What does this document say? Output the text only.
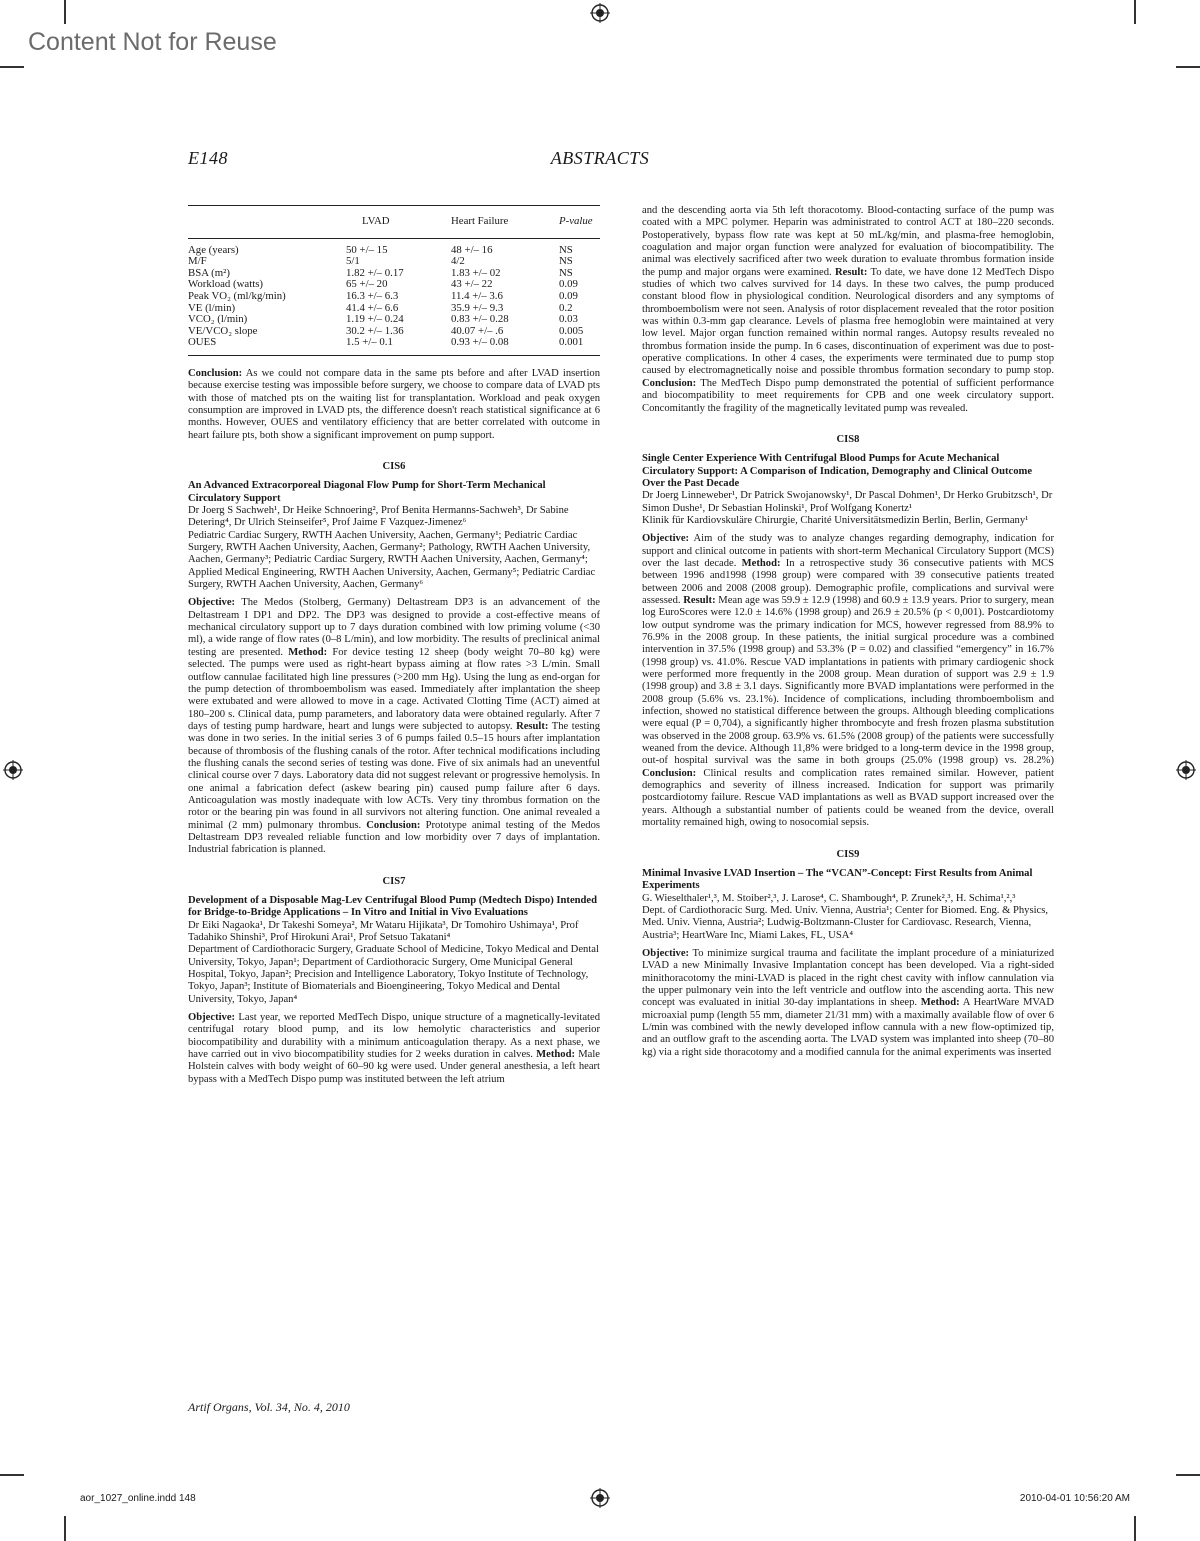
Content Not for Reuse
E148	ABSTRACTS
	LVAD	Heart Failure	P-value
Age (years)	50 +/– 15	48 +/– 16	NS
M/F	5/1	4/2	NS
BSA (m²)	1.82 +/– 0.17	1.83 +/– 02	NS
Workload (watts)	65 +/– 20	43 +/– 22	0.09
Peak VO₂ (ml/kg/min)	16.3 +/– 6.3	11.4 +/– 3.6	0.09
VE (l/min)	41.4 +/– 6.6	35.9 +/– 9.3	0.2
VCO₂ (l/min)	1.19 +/– 0.24	0.83 +/– 0.28	0.03
VE/VCO₂ slope	30.2 +/– 1.36	40.07 +/– .6	0.005
OUES	1.5 +/– 0.1	0.93 +/– 0.08	0.001

Conclusion: As we could not compare data in the same pts before and after LVAD insertion because exercise testing was impossible before surgery, we choose to compare data of LVAD pts with those of matched pts on the waiting list for transplantation. Workload and peak oxygen consumption are improved in LVAD pts, the difference doesn't reach statistical significance at 6 months. However, OUES and ventilatory efficiency that are better correlated with outcome in heart failure pts, both show a significant improvement on pump support.

CIS6
An Advanced Extracorporeal Diagonal Flow Pump for Short-Term Mechanical Circulatory Support
Dr Joerg S Sachweh¹, Dr Heike Schnoering², Prof Benita Hermanns-Sachweh³, Dr Sabine Detering⁴, Dr Ulrich Steinseifer⁵, Prof Jaime F Vazquez-Jimenez⁶
Pediatric Cardiac Surgery, RWTH Aachen University, Aachen, Germany¹; Pediatric Cardiac Surgery, RWTH Aachen University, Aachen, Germany²; Pathology, RWTH Aachen University, Aachen, Germany³; Pediatric Cardiac Surgery, RWTH Aachen University, Aachen, Germany⁴; Applied Medical Engineering, RWTH Aachen University, Aachen, Germany⁵; Pediatric Cardiac Surgery, RWTH Aachen University, Aachen, Germany⁶

Objective: The Medos (Stolberg, Germany) Deltastream DP3 is an advancement of the Deltastream I DP1 and DP2. The DP3 was designed to provide a cost-effective means of mechanical circulatory support up to 7 days duration combined with low priming volume (<30 ml), a wide range of flow rates (0–8 L/min), and low morbidity. The results of preclinical animal testing are presented. Method: For device testing 12 sheep (body weight 70–80 kg) were selected. The pumps were used as right-heart bypass aiming at flow rates >3 L/min. Small outflow cannulae facilitated high line pressures (>200 mm Hg). Using the lung as end-organ for the pump detection of thromboembolism was eased. Immediately after implantation the sheep were extubated and were allowed to move in a cage. Activated Clotting Time (ACT) aimed at 180–200 s. Clinical data, pump parameters, and laboratory data were obtained regularly. After 7 days of testing pump hardware, heart and lungs were subjected to autopsy. Result: The testing was done in two series. In the initial series 3 of 6 pumps failed 0.5–15 hours after implantation because of thrombosis of the flushing canals of the rotor. After technical modifications including the flushing canals the second series of testing was done. Five of six animals had an uneventful clinical course over 7 days. Laboratory data did not suggest relevant or progressive hemolysis. In one animal a fabrication defect (askew bearing pin) caused pump failure after 6 days. Anticoagulation was mostly inadequate with low ACTs. Very tiny thrombus formation on the rotor or the bearing pin was found in all survivors not altering function. One animal revealed a minimal (2 mm) pulmonary thrombus. Conclusion: Prototype animal testing of the Medos Deltastream DP3 revealed reliable function and low morbidity over 7 days of implantation. Industrial fabrication is planned.

CIS7
Development of a Disposable Mag-Lev Centrifugal Blood Pump (Medtech Dispo) Intended for Bridge-to-Bridge Applications – In Vitro and Initial in Vivo Evaluations
Dr Eiki Nagaoka¹, Dr Takeshi Someya², Mr Wataru Hijikata³, Dr Tomohiro Ushimaya¹, Prof Tadahiko Shinshi³, Prof Hirokuni Arai¹, Prof Setsuo Takatani⁴
Department of Cardiothoracic Surgery, Graduate School of Medicine, Tokyo Medical and Dental University, Tokyo, Japan¹; Department of Cardiothoracic Surgery, Ome Municipal General Hospital, Tokyo, Japan²; Precision and Intelligence Laboratory, Tokyo Institute of Technology, Tokyo, Japan³; Institute of Biomaterials and Bioengineering, Tokyo Medical and Dental University, Tokyo, Japan⁴

Objective: Last year, we reported MedTech Dispo, unique structure of a magnetically-levitated centrifugal rotary blood pump, and its low hemolytic characteristics and superior biocompatibility and durability with a minimum anticoagulation therapy. As a next phase, we have carried out in vivo biocompatibility studies for 2 weeks duration in calves. Method: Male Holstein calves with body weight of 60–90 kg were used. Under general anesthesia, a left heart bypass with a MedTech Dispo pump was instituted between the left atrium

and the descending aorta via 5th left thoracotomy. Blood-contacting surface of the pump was coated with a MPC polymer. Heparin was administrated to control ACT at 180–220 seconds. Postoperatively, bypass flow rate was kept at 50 mL/kg/min, and plasma-free hemoglobin, coagulation and major organ function were analyzed for evaluation of biocompatibility. The animal was electively sacrificed after two week duration to evaluate thrombus formation inside the pump and major organs were examined. Result: To date, we have done 12 MedTech Dispo studies of which two calves survived for 14 days. In these two calves, the pump produced constant blood flow in physiological condition. Neurological disorders and any symptoms of thromboembolism were not seen. Analysis of rotor displacement revealed that the rotor position was within 0.3-mm gap clearance. Levels of plasma free hemoglobin were maintained at very low level. Major organ function remained within normal ranges. Autopsy results revealed no thrombus formation inside the pump. In 6 cases, discontinuation of experiment was due to post-operative complications. In other 4 cases, the experiments were terminated due to pump stop caused by electromagnetically noise and possible thrombus formation secondary to pump stop. Conclusion: The MedTech Dispo pump demonstrated the potential of sufficient performance and biocompatibility to meet requirements for CPB and one week circulatory support. Concomitantly the fragility of the magnetically levitated pump was revealed.

CIS8
Single Center Experience With Centrifugal Blood Pumps for Acute Mechanical Circulatory Support: A Comparison of Indication, Demography and Clinical Outcome Over the Past Decade
Dr Joerg Linneweber¹, Dr Patrick Swojanowsky¹, Dr Pascal Dohmen¹, Dr Herko Grubitzsch¹, Dr Simon Dushe¹, Dr Sebastian Holinski¹, Prof Wolfgang Konertz¹
Klinik für Kardiovskuläre Chirurgie, Charité Universitätsmedizin Berlin, Berlin, Germany¹

Objective: Aim of the study was to analyze changes regarding demography, indication for support and clinical outcome in patients with short-term Mechanical Circulatory Support (MCS) over the last decade. Method: In a retrospective study 36 consecutive patients with MCS between 1996 and1998 (1998 group) were compared with 39 consecutive patients treated between 2006 and 2008 (2008 group). Demographic profile, complications and survival were assessed. Result: Mean age was 59.9 ± 12.9 (1998) and 60.9 ± 13.9 years. Prior to surgery, mean log EuroScores were 12.0 ± 14.6% (1998 group) and 26.9 ± 20.5% (p < 0,001). Postcardiotomy low output syndrome was the primary indication for MCS, however regressed from 88.9% to 76.9% in the 2008 group. In these patients, the initial surgical procedure was a combined intervention in 37.5% (1998 group) and 53.3% (P = 0.02) and classified “emergency” in 16.7% (1998 group) vs. 41.0%. Rescue VAD implantations in patients with primary cardiogenic shock were performed more frequently in the 2008 group. Mean duration of support was 2.9 ± 1.9 (1998 group) and 3.8 ± 3.1 days. Significantly more BVAD implantations were performed in the 2008 group (5.6% vs. 23.1%). Incidence of complications, including thromboembolism and infection, showed no statistical difference between the groups. Although bleeding complications were equal (P = 0,704), a significantly higher thrombocyte and fresh frozen plasma substitution was observed in the 2008 group. 63.9% vs. 61.5% (2008 group) of the patients were successfully weaned from the device. Although 11,8% were bridged to a long-term device in the 1998 group, out-of hospital survival was the same in both groups (25.0% (1998 group) vs. 28.2%) Conclusion: Clinical results and complication rates remained similar. However, patient demographics and severity of illness increased. Indication for support was primarily postcardiotomy failure. Rescue VAD implantations as well as BVAD support increased over the years. Although a substantial number of patients could be weaned from the device, overall mortality remained high, owing to nosocomial sepsis.

CIS9
Minimal Invasive LVAD Insertion – The “VCAN”-Concept: First Results from Animal Experiments
G. Wieselthaler¹,³, M. Stoiber²,³, J. Larose⁴, C. Shambough⁴, P. Zrunek²,³, H. Schima¹,²,³
Dept. of Cardiothoracic Surg. Med. Univ. Vienna, Austria¹; Center for Biomed. Eng. & Physics, Med. Univ. Vienna, Austria²; Ludwig-Boltzmann-Cluster for Cardiovasc. Research, Vienna, Austria³; HeartWare Inc, Miami Lakes, FL, USA⁴

Objective: To minimize surgical trauma and facilitate the implant procedure of a miniaturized LVAD a new Minimally Invasive Implantation concept has been developed. Via a right-sided minithoracotomy the mini-LVAD is placed in the right chest cavity with inflow cannulation via the upper pulmonary vein into the left ventricle and outflow into the ascending aorta. This new concept was evaluated in initial 30-day implantations in sheep. Method: A HeartWare MVAD microaxial pump (length 55 mm, diameter 21/31 mm) with a maximally available flow of over 6 L/min was combined with the newly developed inflow cannula with a new flow-optimized tip, and an outflow graft to the ascending aorta. The LVAD system was implanted into sheep (70–80 kg) via a right side thoracotomy and a modified cannula for the animal experiments was inserted

Artif Organs, Vol. 34, No. 4, 2010
aor_1027_online.indd 148	2010-04-01 10:56:20 AM
